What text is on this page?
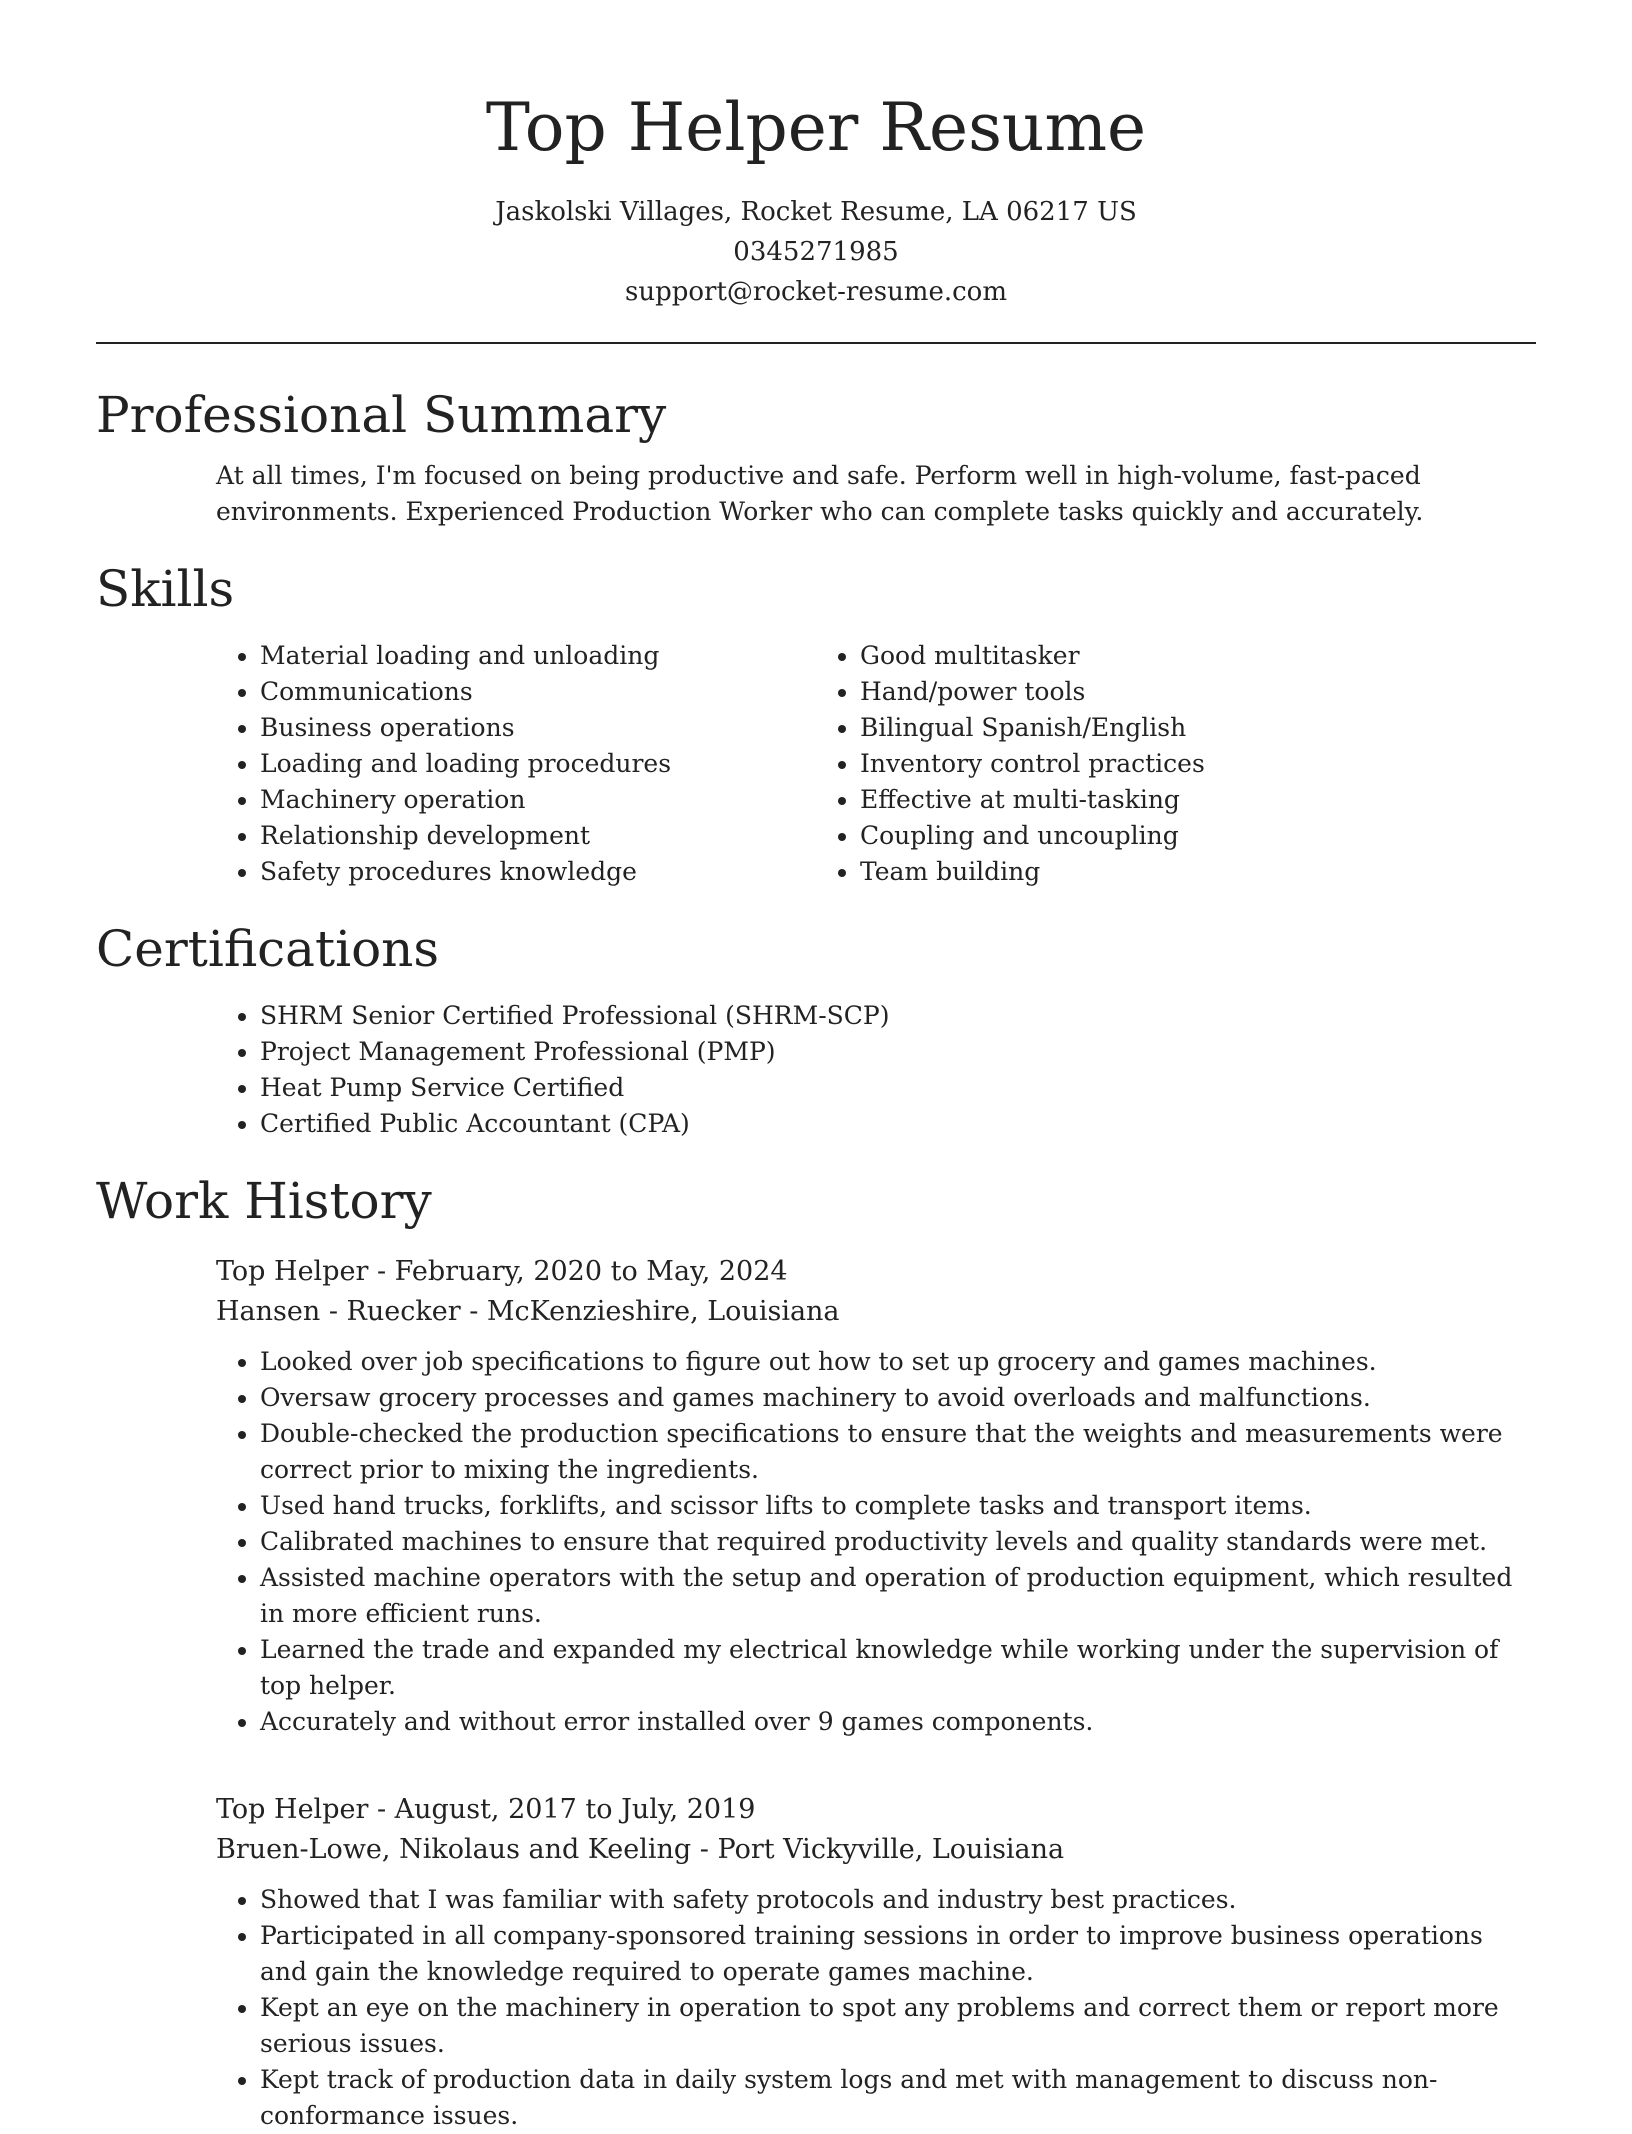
Top Helper Resume
Jaskolski Villages, Rocket Resume, LA 06217 US
0345271985
support@rocket-resume.com
Professional Summary
At all times, I'm focused on being productive and safe. Perform well in high-volume, fast-paced environments. Experienced Production Worker who can complete tasks quickly and accurately.
Skills
• Material loading and unloading
• Communications
• Business operations
• Loading and loading procedures
• Machinery operation
• Relationship development
• Safety procedures knowledge
• Good multitasker
• Hand/power tools
• Bilingual Spanish/English
• Inventory control practices
• Effective at multi-tasking
• Coupling and uncoupling
• Team building
Certifications
• SHRM Senior Certified Professional (SHRM-SCP)
• Project Management Professional (PMP)
• Heat Pump Service Certified
• Certified Public Accountant (CPA)
Work History
Top Helper - February, 2020 to May, 2024
Hansen - Ruecker - McKenzieshire, Louisiana
• Looked over job specifications to figure out how to set up grocery and games machines.
• Oversaw grocery processes and games machinery to avoid overloads and malfunctions.
• Double-checked the production specifications to ensure that the weights and measurements were correct prior to mixing the ingredients.
• Used hand trucks, forklifts, and scissor lifts to complete tasks and transport items.
• Calibrated machines to ensure that required productivity levels and quality standards were met.
• Assisted machine operators with the setup and operation of production equipment, which resulted in more efficient runs.
• Learned the trade and expanded my electrical knowledge while working under the supervision of top helper.
• Accurately and without error installed over 9 games components.
Top Helper - August, 2017 to July, 2019
Bruen-Lowe, Nikolaus and Keeling - Port Vickyville, Louisiana
• Showed that I was familiar with safety protocols and industry best practices.
• Participated in all company-sponsored training sessions in order to improve business operations and gain the knowledge required to operate games machine.
• Kept an eye on the machinery in operation to spot any problems and correct them or report more serious issues.
• Kept track of production data in daily system logs and met with management to discuss non-conformance issues.
